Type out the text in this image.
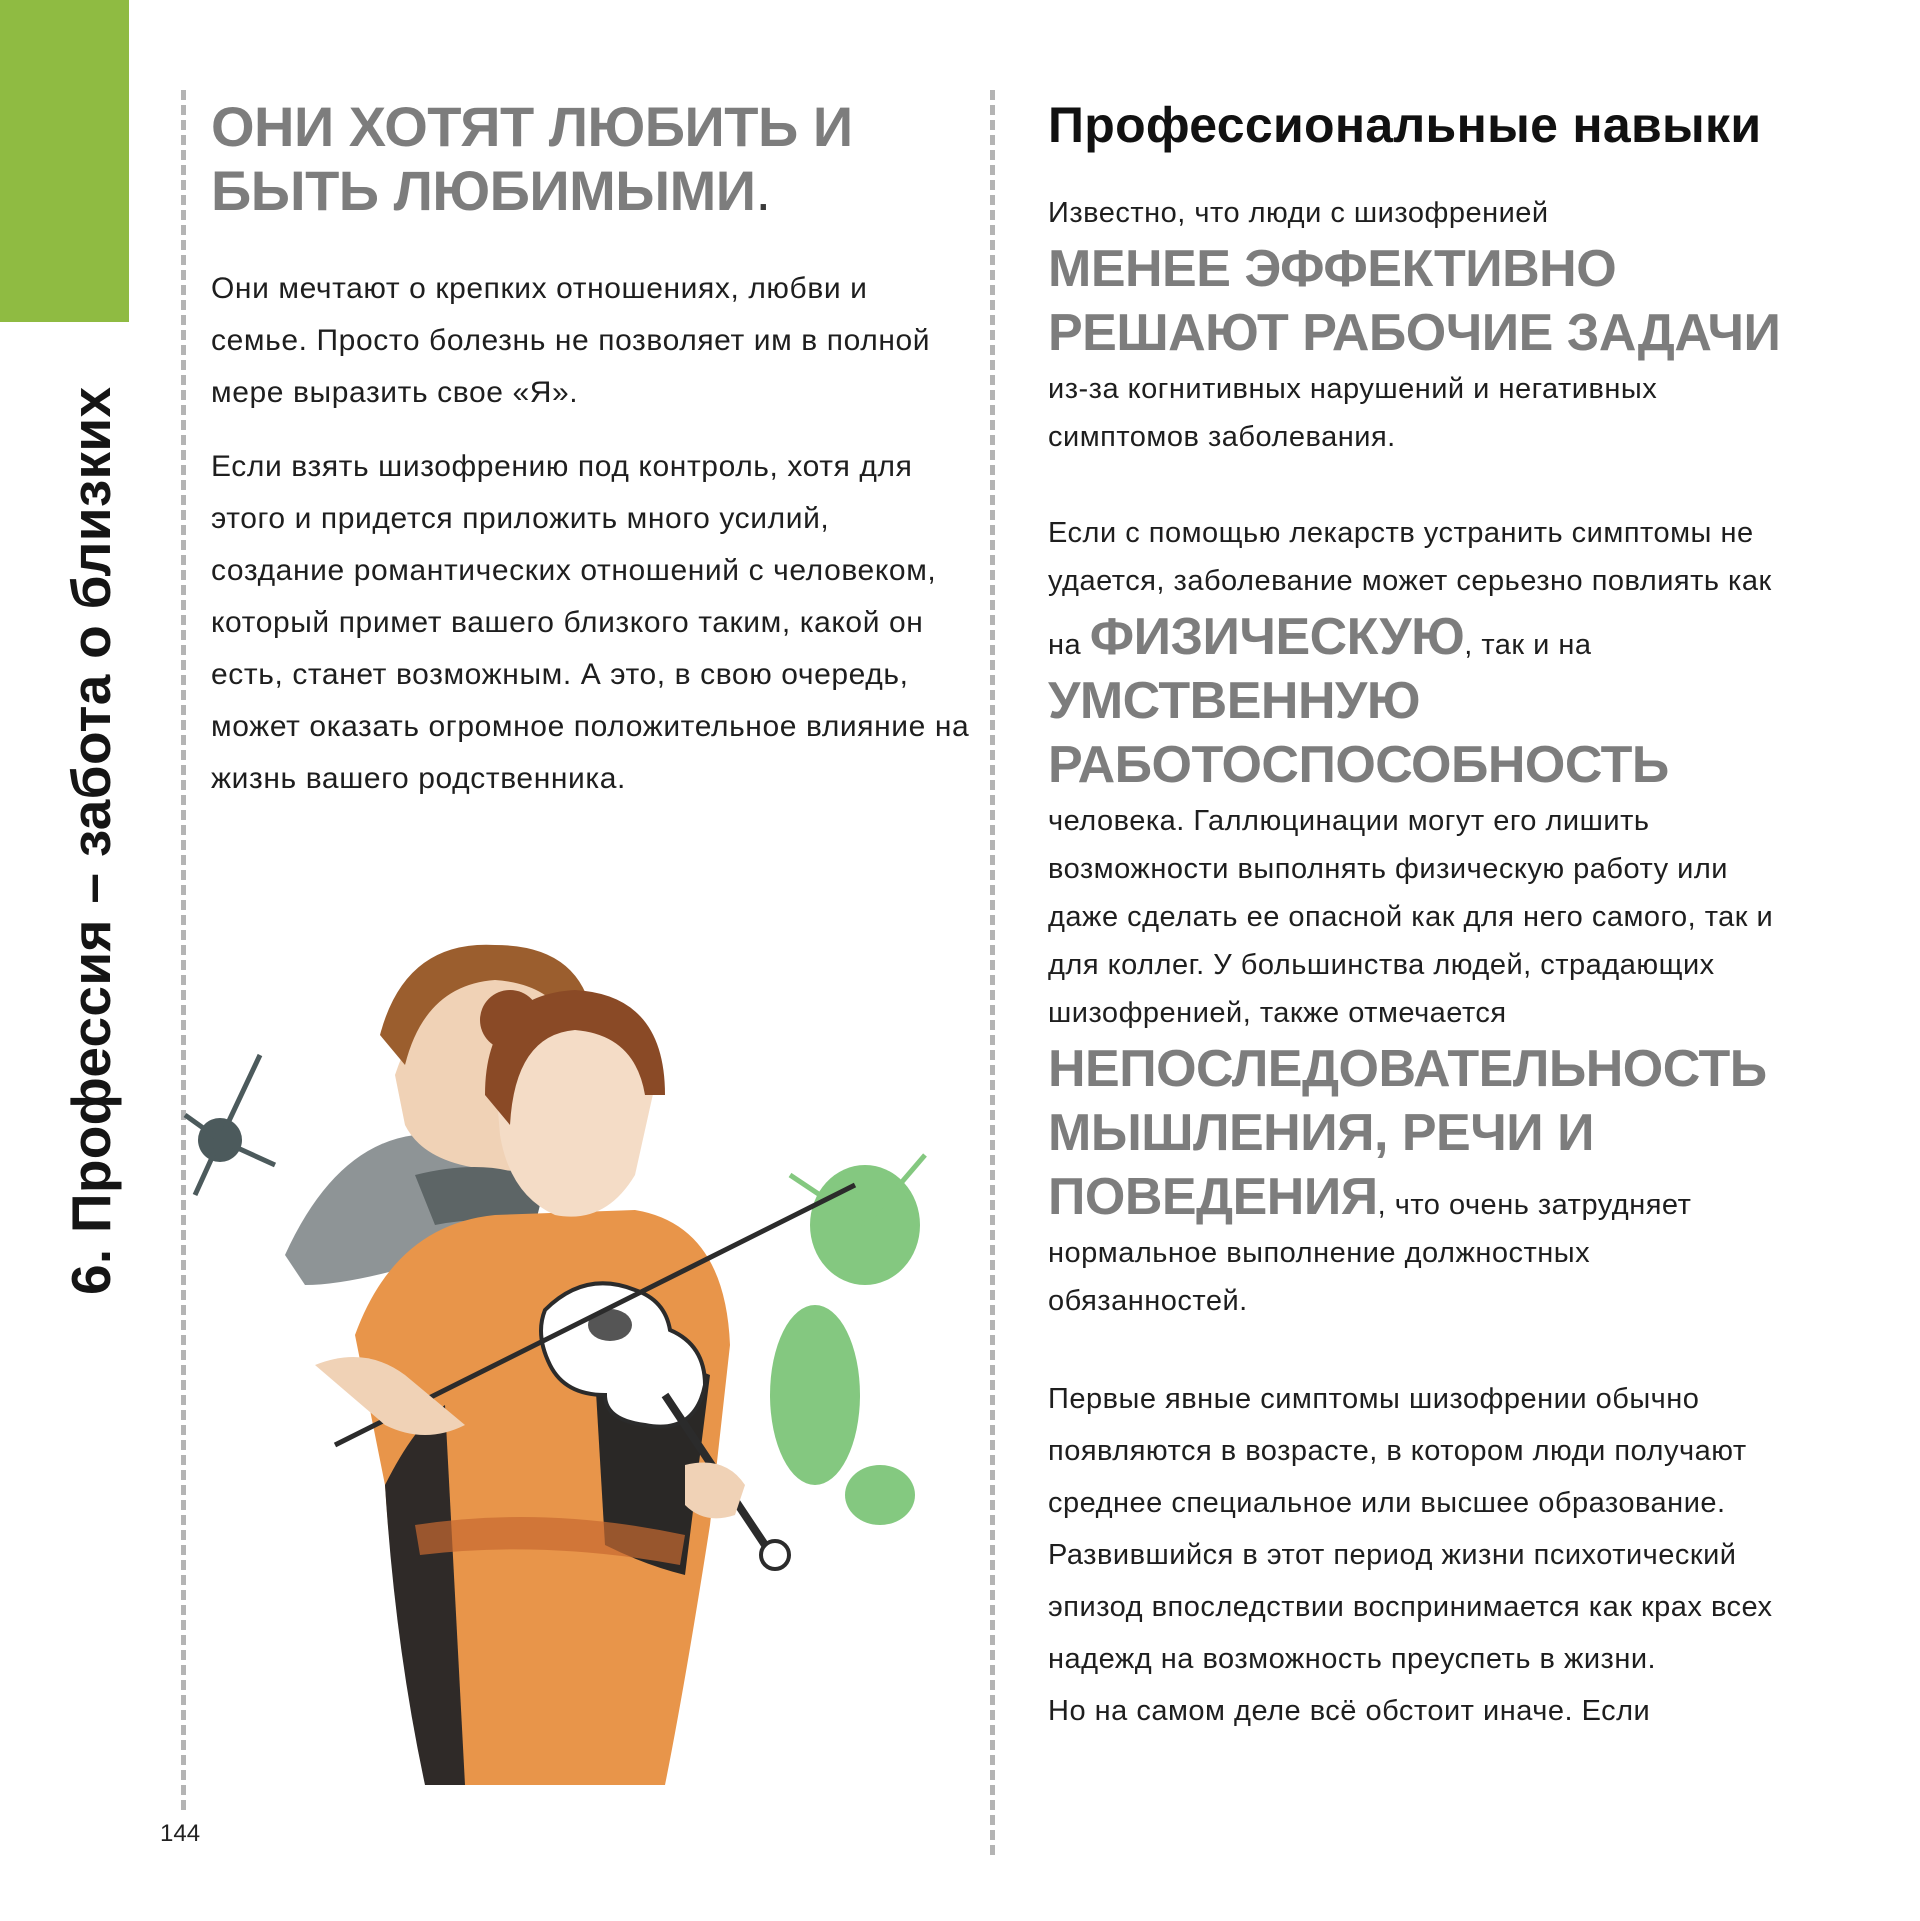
6. Профессия – забота о близких
144
ОНИ ХОТЯТ ЛЮБИТЬ И БЫТЬ ЛЮБИМЫМИ.

Они мечтают о крепких отношениях, любви и семье. Просто болезнь не позволяет им в полной мере выразить свое «Я».

Если взять шизофрению под контроль, хотя для этого и придется приложить много усилий, создание романтических отношений с человеком, который примет вашего близкого таким, какой он есть, станет возможным. А это, в свою очередь, может оказать огромное положительное влияние на жизнь вашего родственника.

Профессиональные навыки

Известно, что люди с шизофренией
МЕНЕЕ ЭФФЕКТИВНО РЕШАЮТ РАБОЧИЕ ЗАДАЧИ из-за когнитивных нарушений и негативных симптомов заболевания.

Если с помощью лекарств устранить симптомы не удается, заболевание может серьезно повлиять как на ФИЗИЧЕСКУЮ, так и на УМСТВЕННУЮ РАБОТОСПОСОБНОСТЬ человека. Галлюцинации могут его лишить возможности выполнять физическую работу или даже сделать ее опасной как для него самого, так и для коллег. У большинства людей, страдающих шизофренией, также отмечается НЕПОСЛЕДОВАТЕЛЬНОСТЬ МЫШЛЕНИЯ, РЕЧИ И ПОВЕДЕНИЯ, что очень затрудняет нормальное выполнение должностных обязанностей.

Первые явные симптомы шизофрении обычно появляются в возрасте, в котором люди получают среднее специальное или высшее образование. Развившийся в этот период жизни психотический эпизод впоследствии воспринимается как крах всех надежд на возможность преуспеть в жизни.

Но на самом деле всё обстоит иначе. Если
